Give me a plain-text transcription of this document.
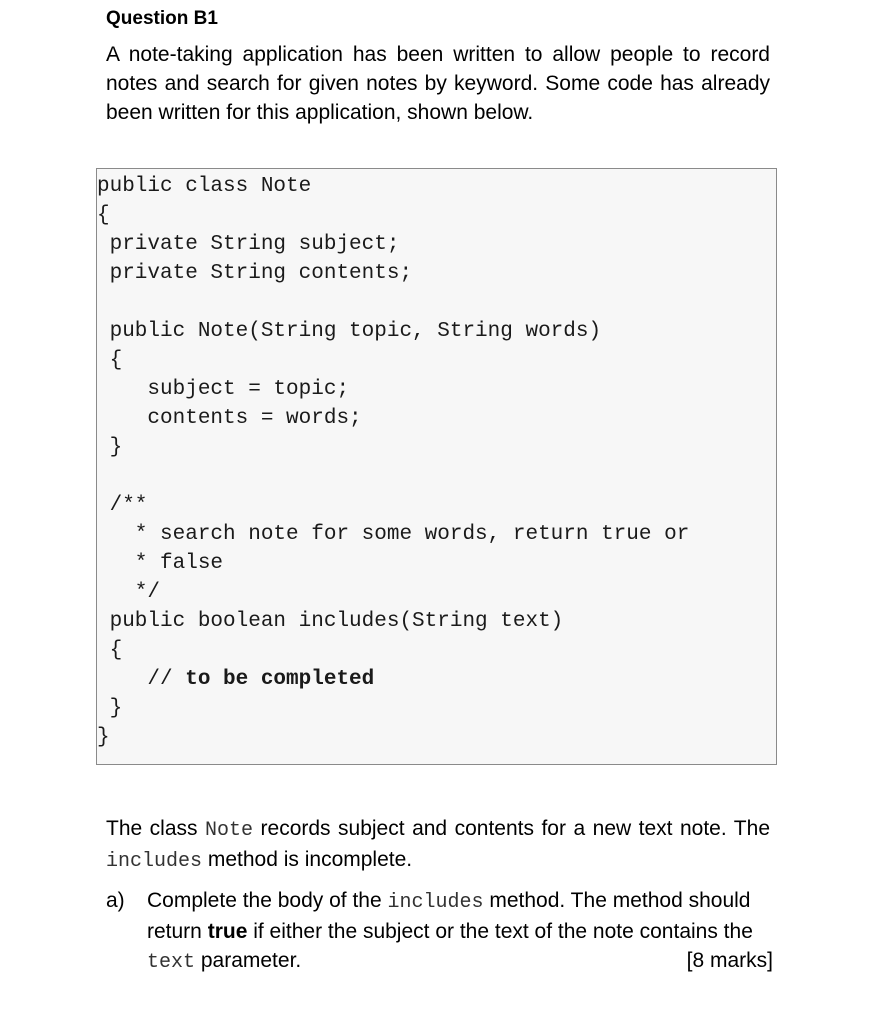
Question B1
A note-taking application has been written to allow people to record notes and search for given notes by keyword. Some code has already been written for this application, shown below.
public class Note
{
private String subject;
private String contents;
public Note(String topic, String words)
{
subject = topic;
contents = words;
}
/**
* search note for some words, return true or
* false
*/
public boolean includes(String text)
{
// to be completed
}
}
The class Note records subject and contents for a new text note. The includes method is incomplete.
a) Complete the body of the includes method. The method should return true if either the subject or the text of the note contains the
text parameter.	[8 marks]
